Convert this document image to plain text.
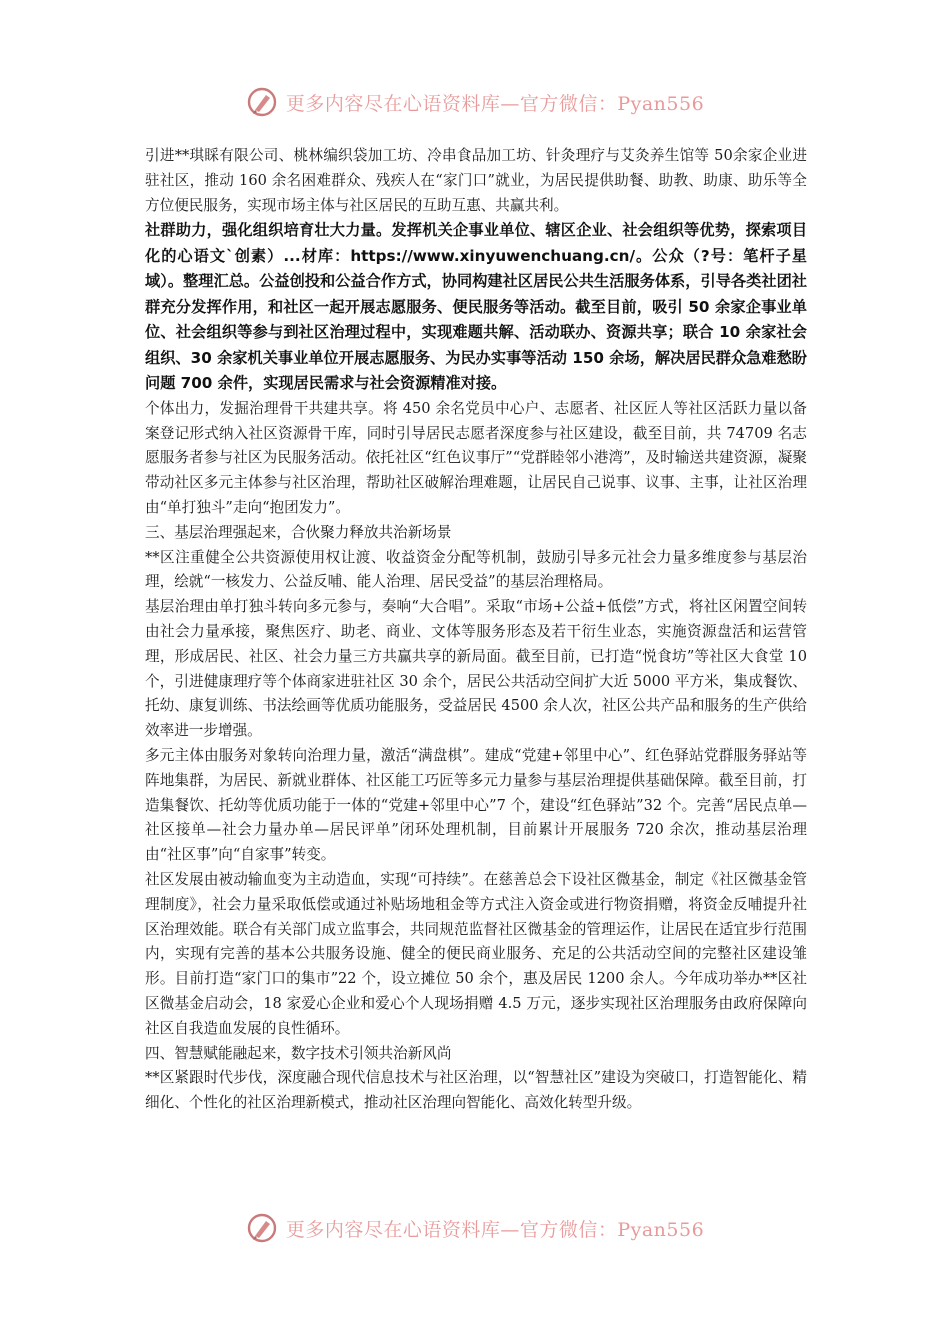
更多内容尽在心语资料库—官方微信：Pyan556

引进**琪睬有限公司、桃林编织袋加工坊、冷串食品加工坊、针灸理疗与艾灸养生馆等 50余家企业进驻社区，推动 160 余名困难群众、残疾人在“家门口”就业，为居民提供助餐、助教、助康、助乐等全方位便民服务，实现市场主体与社区居民的互助互惠、共赢共利。

社群助力，强化组织培育壮大力量。发挥机关企事业单位、辖区企业、社会组织等优势，探索项目化的心语文`创素）...材库：https://www.xinyuwenchuang.cn/。公众（?号：笔杆子星域）。整理汇总。公益创投和公益合作方式，协同构建社区居民公共生活服务体系，引导各类社团社群充分发挥作用，和社区一起开展志愿服务、便民服务等活动。截至目前，吸引 50 余家企事业单位、社会组织等参与到社区治理过程中，实现难题共解、活动联办、资源共享；联合 10 余家社会组织、30 余家机关事业单位开展志愿服务、为民办实事等活动 150 余场，解决居民群众急难愁盼问题 700 余件，实现居民需求与社会资源精准对接。

个体出力，发掘治理骨干共建共享。将 450 余名党员中心户、志愿者、社区匠人等社区活跃力量以备案登记形式纳入社区资源骨干库，同时引导居民志愿者深度参与社区建设，截至目前，共 74709 名志愿服务者参与社区为民服务活动。依托社区“红色议事厅”“党群睦邻小港湾”，及时输送共建资源，凝聚带动社区多元主体参与社区治理，帮助社区破解治理难题，让居民自己说事、议事、主事，让社区治理由“单打独斗”走向“抱团发力”。

三、基层治理强起来，合伙聚力释放共治新场景

**区注重健全公共资源使用权让渡、收益资金分配等机制，鼓励引导多元社会力量多维度参与基层治理，绘就“一核发力、公益反哺、能人治理、居民受益”的基层治理格局。

基层治理由单打独斗转向多元参与，奏响“大合唱”。采取“市场+公益+低偿”方式，将社区闲置空间转由社会力量承接，聚焦医疗、助老、商业、文体等服务形态及若干衍生业态，实施资源盘活和运营管理，形成居民、社区、社会力量三方共赢共享的新局面。截至目前，已打造“悦食坊”等社区大食堂 10 个，引进健康理疗等个体商家进驻社区 30 余个，居民公共活动空间扩大近 5000 平方米，集成餐饮、托幼、康复训练、书法绘画等优质功能服务，受益居民 4500 余人次，社区公共产品和服务的生产供给效率进一步增强。

多元主体由服务对象转向治理力量，激活“满盘棋”。建成“党建+邻里中心”、红色驿站党群服务驿站等阵地集群，为居民、新就业群体、社区能工巧匠等多元力量参与基层治理提供基础保障。截至目前，打造集餐饮、托幼等优质功能于一体的“党建+邻里中心”7 个，建设“红色驿站”32 个。完善“居民点单—社区接单—社会力量办单—居民评单”闭环处理机制，目前累计开展服务 720 余次，推动基层治理由“社区事”向“自家事”转变。

社区发展由被动输血变为主动造血，实现“可持续”。在慈善总会下设社区微基金，制定《社区微基金管理制度》，社会力量采取低偿或通过补贴场地租金等方式注入资金或进行物资捐赠，将资金反哺提升社区治理效能。联合有关部门成立监事会，共同规范监督社区微基金的管理运作，让居民在适宜步行范围内，实现有完善的基本公共服务设施、健全的便民商业服务、充足的公共活动空间的完整社区建设雏形。目前打造“家门口的集市”22 个，设立摊位 50 余个，惠及居民 1200 余人。今年成功举办**区社区微基金启动会，18 家爱心企业和爱心个人现场捐赠 4.5 万元，逐步实现社区治理服务由政府保障向社区自我造血发展的良性循环。

四、智慧赋能融起来，数字技术引领共治新风尚

**区紧跟时代步伐，深度融合现代信息技术与社区治理，以“智慧社区”建设为突破口，打造智能化、精细化、个性化的社区治理新模式，推动社区治理向智能化、高效化转型升级。

更多内容尽在心语资料库—官方微信：Pyan556
